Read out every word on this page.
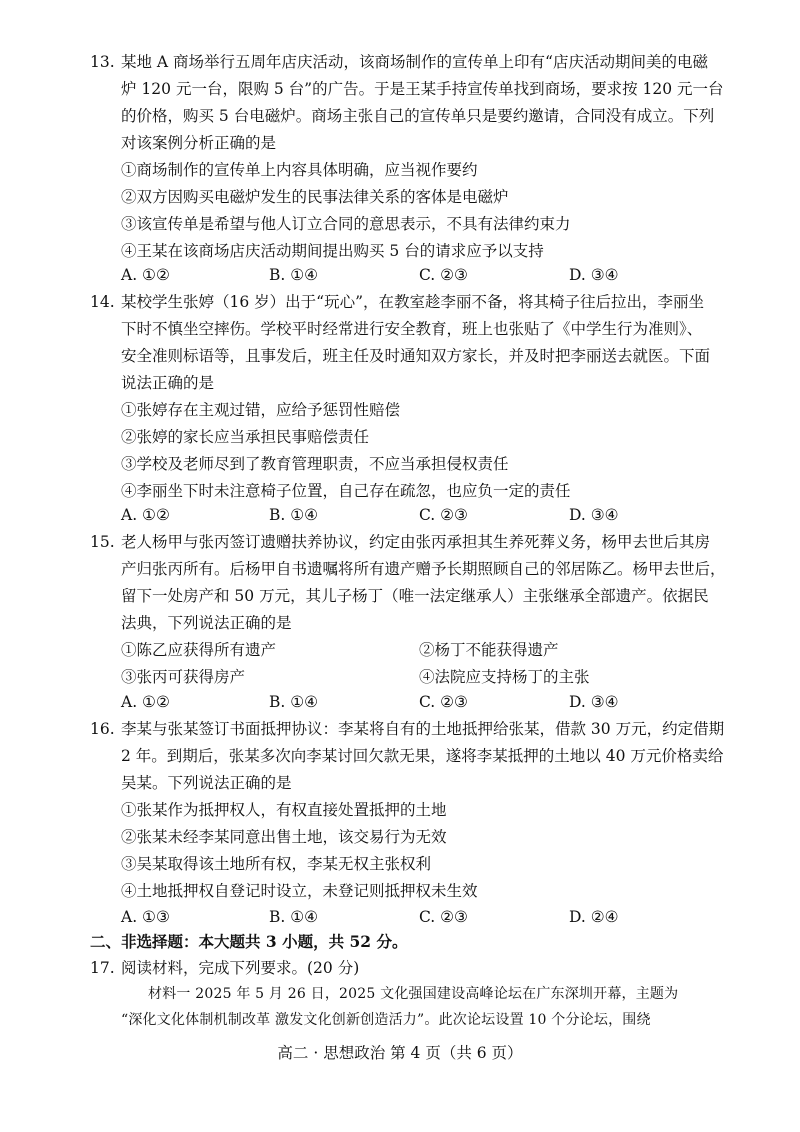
13. 某地 A 商场举行五周年店庆活动，该商场制作的宣传单上印有“店庆活动期间美的电磁
炉 120 元一台，限购 5 台”的广告。于是王某手持宣传单找到商场，要求按 120 元一台
的价格，购买 5 台电磁炉。商场主张自己的宣传单只是要约邀请，合同没有成立。下列
对该案例分析正确的是
①商场制作的宣传单上内容具体明确，应当视作要约
②双方因购买电磁炉发生的民事法律关系的客体是电磁炉
③该宣传单是希望与他人订立合同的意思表示，不具有法律约束力
④王某在该商场店庆活动期间提出购买 5 台的请求应予以支持
A. ①②	B. ①④	C. ②③	D. ③④
14. 某校学生张婷（16 岁）出于“玩心”，在教室趁李丽不备，将其椅子往后拉出，李丽坐
下时不慎坐空摔伤。学校平时经常进行安全教育，班上也张贴了《中学生行为准则》、
安全准则标语等，且事发后，班主任及时通知双方家长，并及时把李丽送去就医。下面
说法正确的是
①张婷存在主观过错，应给予惩罚性赔偿
②张婷的家长应当承担民事赔偿责任
③学校及老师尽到了教育管理职责，不应当承担侵权责任
④李丽坐下时未注意椅子位置，自己存在疏忽，也应负一定的责任
A. ①②	B. ①④	C. ②③	D. ③④
15. 老人杨甲与张丙签订遗赠扶养协议，约定由张丙承担其生养死葬义务，杨甲去世后其房
产归张丙所有。后杨甲自书遗嘱将所有遗产赠予长期照顾自己的邻居陈乙。杨甲去世后，
留下一处房产和 50 万元，其儿子杨丁（唯一法定继承人）主张继承全部遗产。依据民
法典，下列说法正确的是
①陈乙应获得所有遗产	②杨丁不能获得遗产
③张丙可获得房产	④法院应支持杨丁的主张
A. ①②	B. ①④	C. ②③	D. ③④
16. 李某与张某签订书面抵押协议：李某将自有的土地抵押给张某，借款 30 万元，约定借期
2 年。到期后，张某多次向李某讨回欠款无果，遂将李某抵押的土地以 40 万元价格卖给
吴某。下列说法正确的是
①张某作为抵押权人，有权直接处置抵押的土地
②张某未经李某同意出售土地，该交易行为无效
③吴某取得该土地所有权，李某无权主张权利
④土地抵押权自登记时设立，未登记则抵押权未生效
A. ①③	B. ①④	C. ②③	D. ②④
二、非选择题：本大题共 3 小题，共 52 分。
17. 阅读材料，完成下列要求。(20 分)
材料一 2025 年 5 月 26 日，2025 文化强国建设高峰论坛在广东深圳开幕，主题为
“深化文化体制机制改革 激发文化创新创造活力”。此次论坛设置 10 个分论坛，围绕
高二 · 思想政治 第 4 页（共 6 页）
